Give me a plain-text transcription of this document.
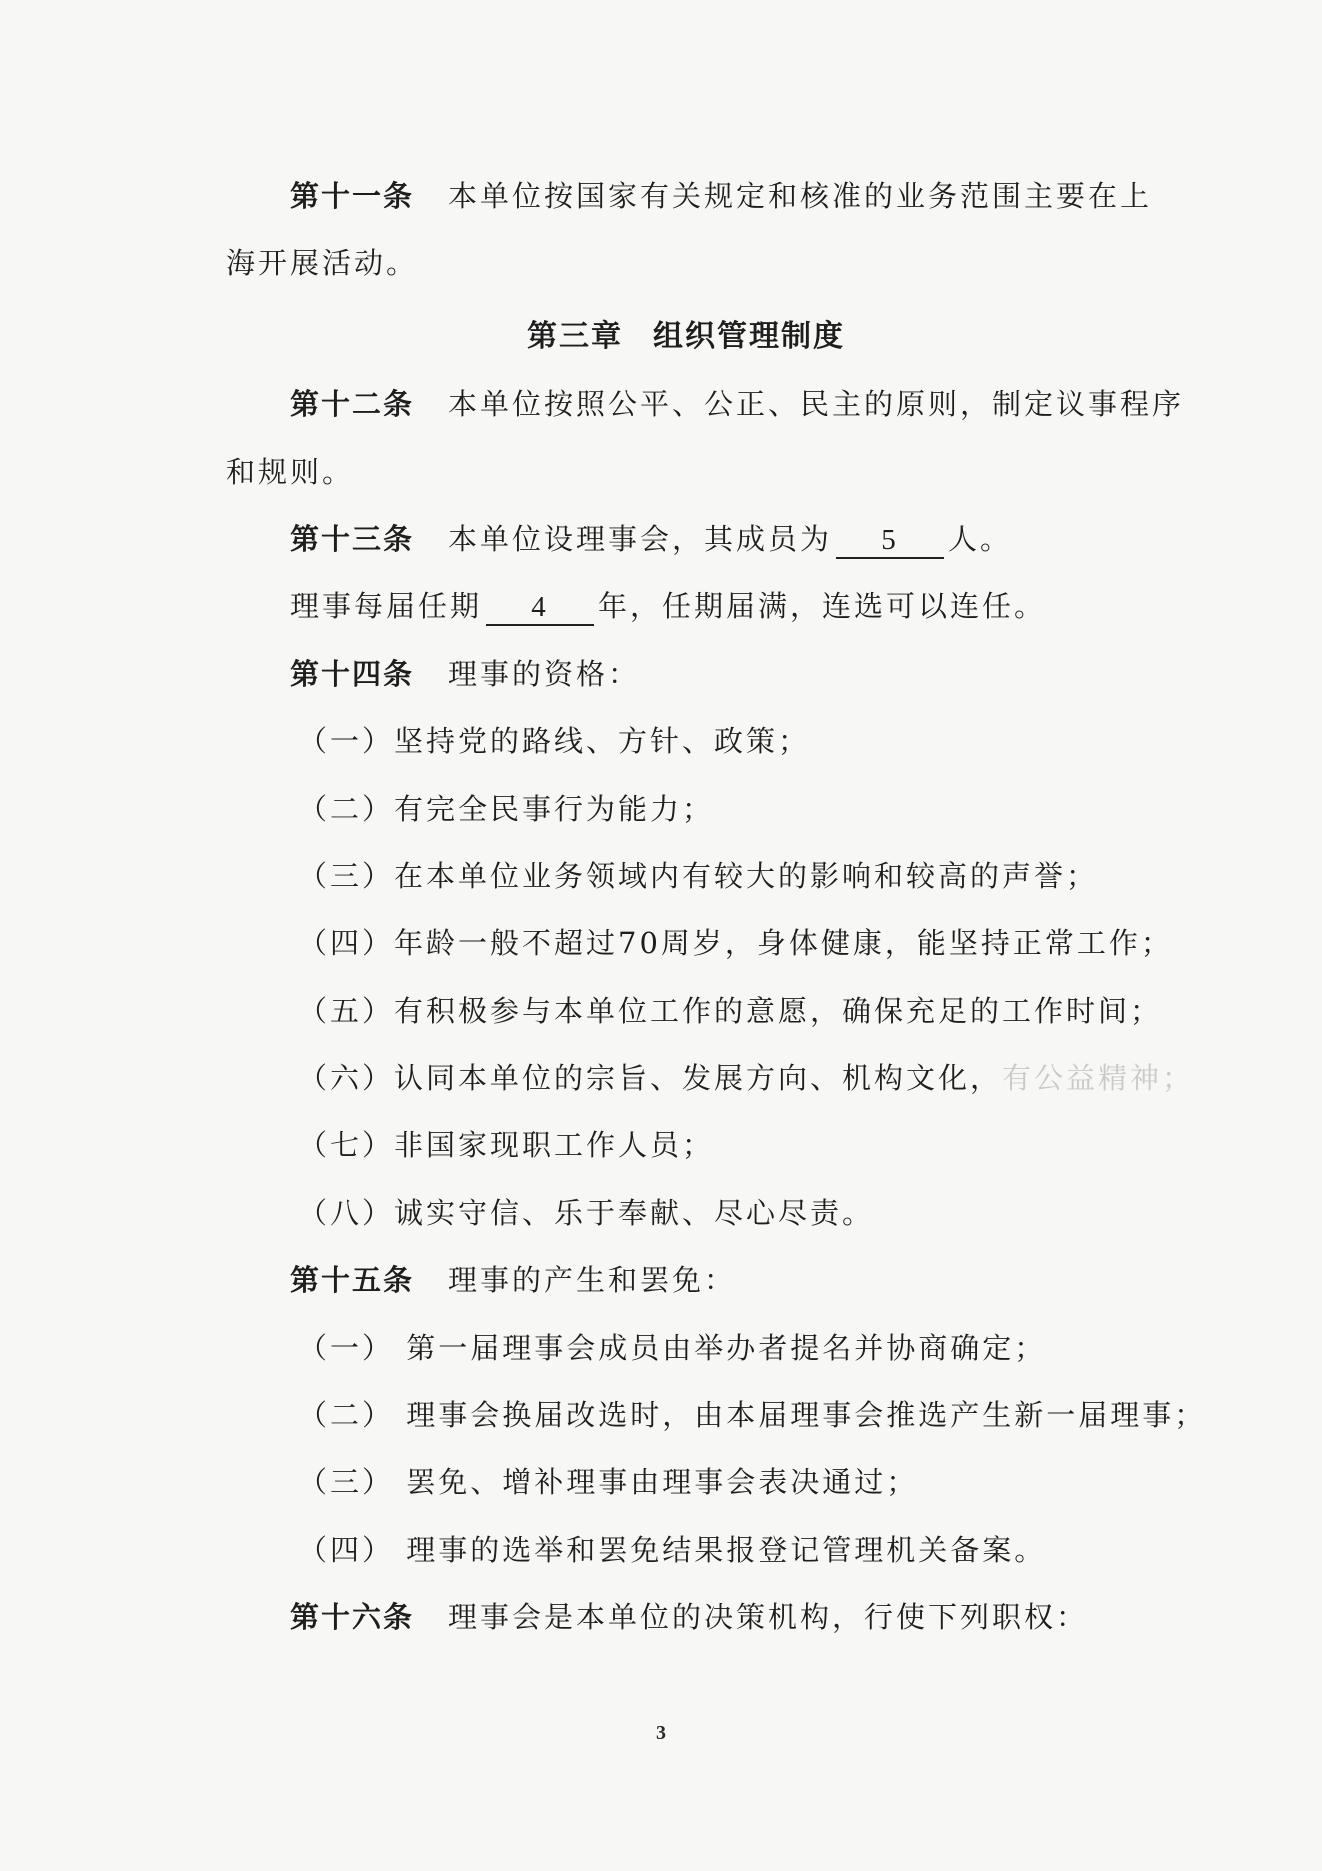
第十一条 本单位按国家有关规定和核准的业务范围主要在上
海开展活动。
第三章 组织管理制度
第十二条 本单位按照公平、公正、民主的原则，制定议事程序
和规则。
第十三条 本单位设理事会，其成员为 5 人。
理事每届任期 4 年，任期届满，连选可以连任。
第十四条 理事的资格：
（一）坚持党的路线、方针、政策；
（二）有完全民事行为能力；
（三）在本单位业务领域内有较大的影响和较高的声誉；
（四）年龄一般不超过70周岁，身体健康，能坚持正常工作；
（五）有积极参与本单位工作的意愿，确保充足的工作时间；
（六）认同本单位的宗旨、发展方向、机构文化，有公益精神；
（七）非国家现职工作人员；
（八）诚实守信、乐于奉献、尽心尽责。
第十五条 理事的产生和罢免：
（一） 第一届理事会成员由举办者提名并协商确定；
（二） 理事会换届改选时，由本届理事会推选产生新一届理事；
（三） 罢免、增补理事由理事会表决通过；
（四） 理事的选举和罢免结果报登记管理机关备案。
第十六条 理事会是本单位的决策机构，行使下列职权：
3
